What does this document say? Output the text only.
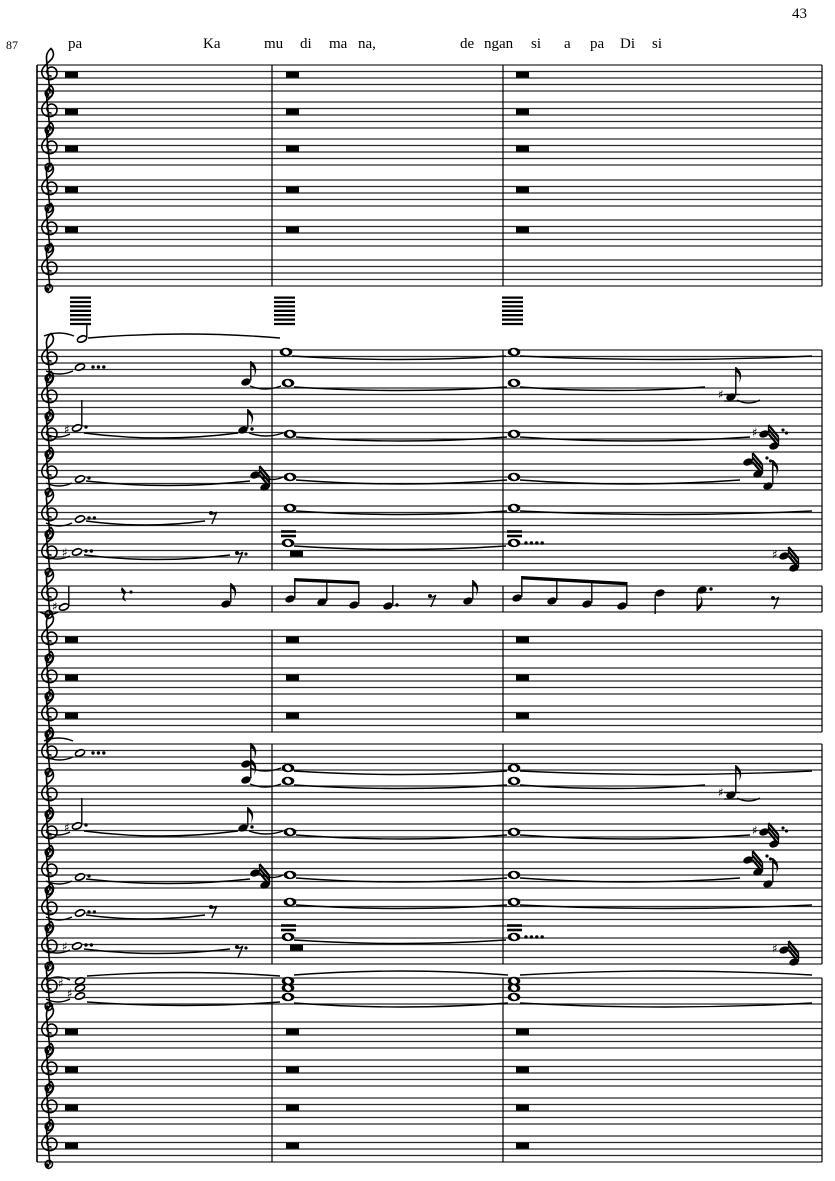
43
87	pa	Ka	mu di ma na,	de ngan si a pa Di si
♯
♯	♯
♯	♯
♯
♯
♯	♯
♯	♯
♯
♯
